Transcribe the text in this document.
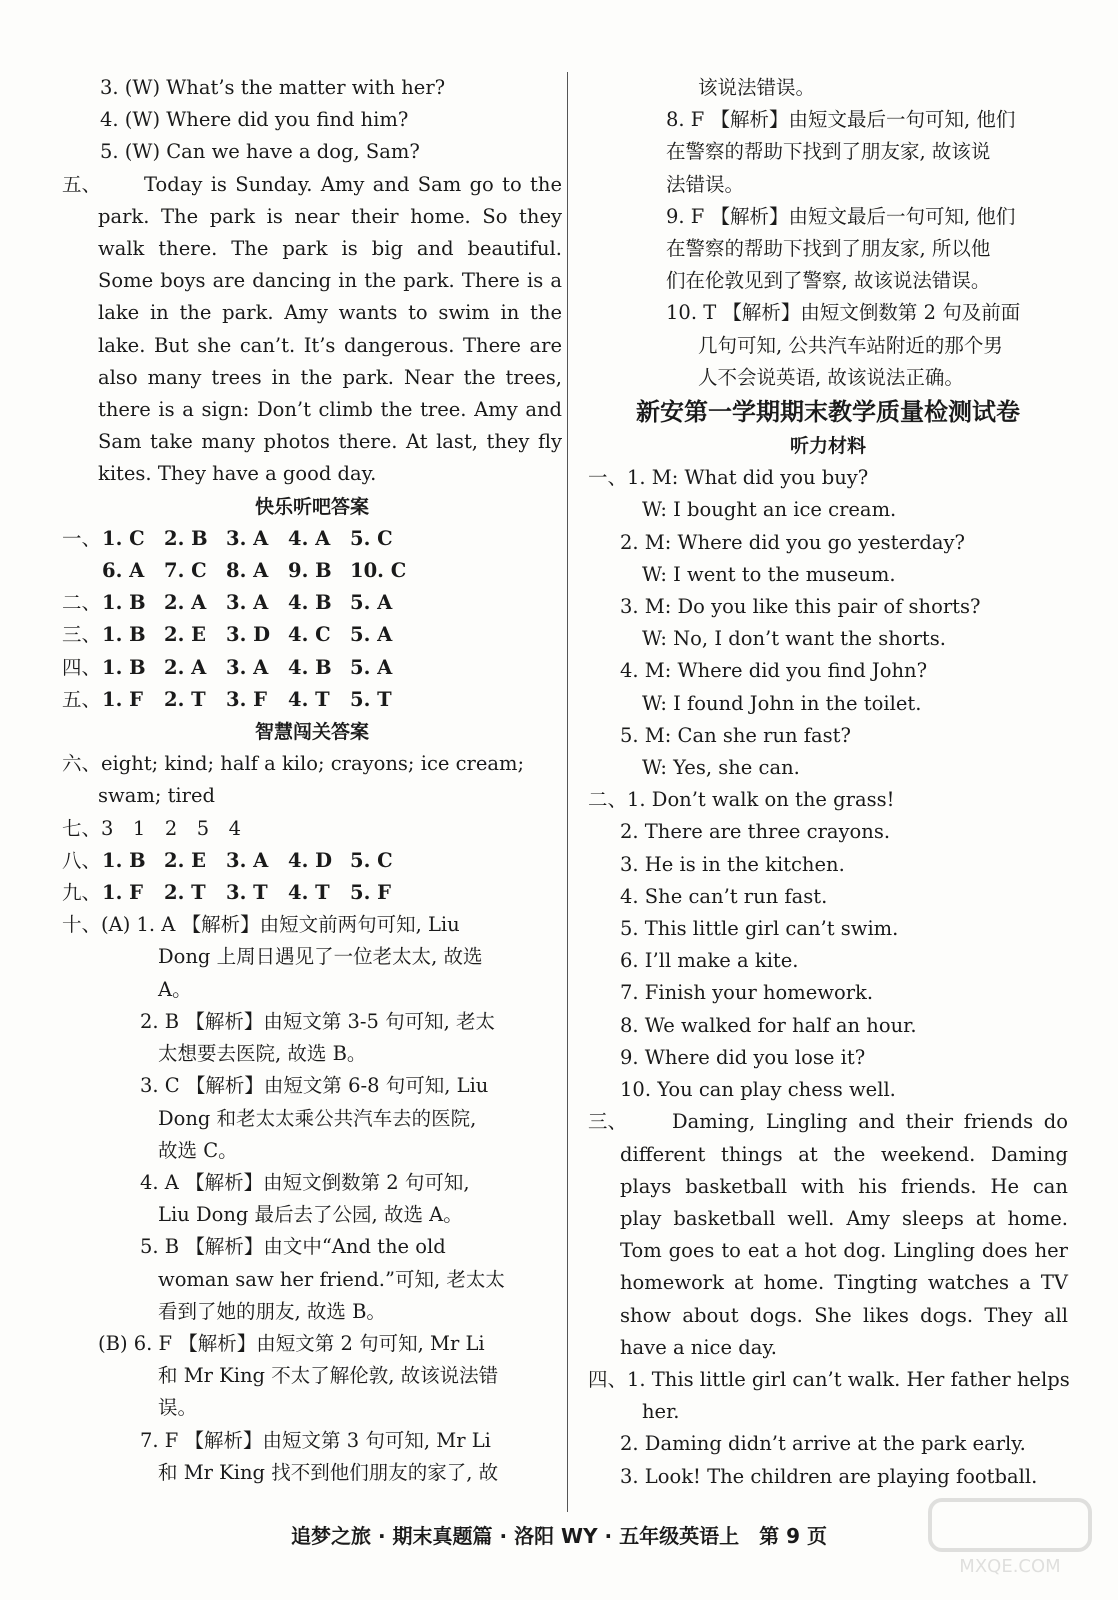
3. (W) What’s the matter with her?
4. (W) Where did you find him?
5. (W) Can we have a dog, Sam?
五、	Today is Sunday. Amy and Sam go to the park. The park is near their home. So they walk there. The park is big and beautiful. Some boys are dancing in the park. There is a lake in the park. Amy wants to swim in the lake. But she can’t. It’s dangerous. There are also many trees in the park. Near the trees, there is a sign: Don’t climb the tree. Amy and Sam take many photos there. At last, they fly kites. They have a good day.
快乐听吧答案
一、1. C 2. B 3. A 4. A 5. C
6. A 7. C 8. A 9. B 10. C
二、1. B 2. A 3. A 4. B 5. A
三、1. B 2. E 3. D 4. C 5. A
四、1. B 2. A 3. A 4. B 5. A
五、1. F 2. T 3. F 4. T 5. T
智慧闯关答案
六、eight; kind; half a kilo; crayons; ice cream;
swam; tired
七、3　1　2　5　4
八、1. B 2. E 3. A 4. D 5. C
九、1. F 2. T 3. T 4. T 5. F
十、(A) 1. A 【解析】由短文前两句可知, Liu
Dong 上周日遇见了一位老太太, 故选
A。
2. B 【解析】由短文第 3-5 句可知, 老太
太想要去医院, 故选 B。
3. C 【解析】由短文第 6-8 句可知, Liu
Dong 和老太太乘公共汽车去的医院,
故选 C。
4. A 【解析】由短文倒数第 2 句可知,
Liu Dong 最后去了公园, 故选 A。
5. B 【解析】由文中“And the old
woman saw her friend.”可知, 老太太
看到了她的朋友, 故选 B。
(B) 6. F 【解析】由短文第 2 句可知, Mr Li
和 Mr King 不太了解伦敦, 故该说法错
误。
7. F 【解析】由短文第 3 句可知, Mr Li
和 Mr King 找不到他们朋友的家了, 故
该说法错误。
8. F 【解析】由短文最后一句可知, 他们
在警察的帮助下找到了朋友家, 故该说
法错误。
9. F 【解析】由短文最后一句可知, 他们
在警察的帮助下找到了朋友家, 所以他
们在伦敦见到了警察, 故该说法错误。
10. T 【解析】由短文倒数第 2 句及前面
几句可知, 公共汽车站附近的那个男
人不会说英语, 故该说法正确。
新安第一学期期末教学质量检测试卷
听力材料
一、1. M: What did you buy?
W: I bought an ice cream.
2. M: Where did you go yesterday?
W: I went to the museum.
3. M: Do you like this pair of shorts?
W: No, I don’t want the shorts.
4. M: Where did you find John?
W: I found John in the toilet.
5. M: Can she run fast?
W: Yes, she can.
二、1. Don’t walk on the grass!
2. There are three crayons.
3. He is in the kitchen.
4. She can’t run fast.
5. This little girl can’t swim.
6. I’ll make a kite.
7. Finish your homework.
8. We walked for half an hour.
9. Where did you lose it?
10. You can play chess well.
三、	Daming, Lingling and their friends do different things at the weekend. Daming plays basketball with his friends. He can play basketball well. Amy sleeps at home. Tom goes to eat a hot dog. Lingling does her homework at home. Tingting watches a TV show about dogs. She likes dogs. They all have a nice day.
四、1. This little girl can’t walk. Her father helps
her.
2. Daming didn’t arrive at the park early.
3. Look! The children are playing football.
追梦之旅 · 期末真题篇 · 洛阳 WY · 五年级英语上　第 9 页
MXQE.COM
